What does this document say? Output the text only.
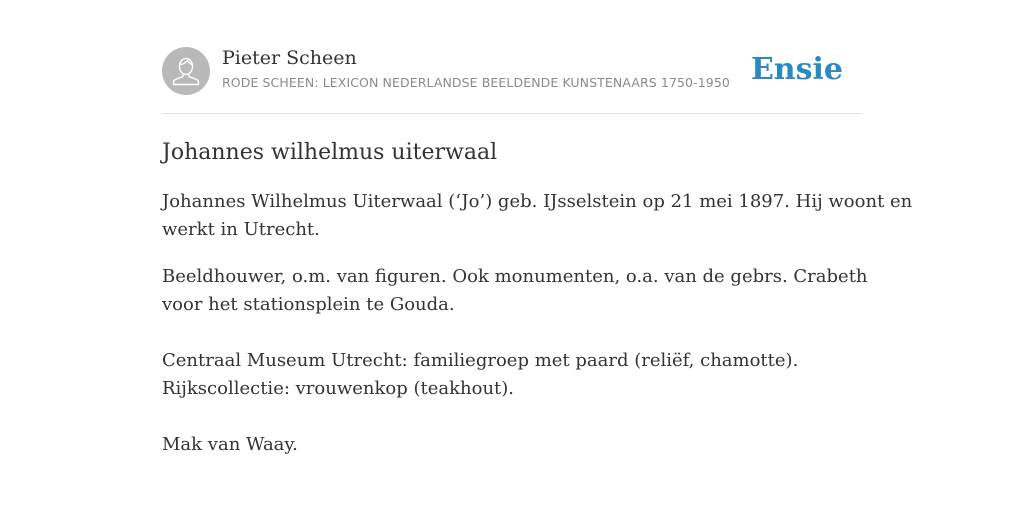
Pieter Scheen
RODE SCHEEN: LEXICON NEDERLANDSE BEELDENDE KUNSTENAARS 1750-1950 Ensie
Johannes wilhelmus uiterwaal
Johannes Wilhelmus Uiterwaal (‘Jo’) geb. IJsselstein op 21 mei 1897. Hij woont en
werkt in Utrecht.
Beeldhouwer, o.m. van figuren. Ook monumenten, o.a. van de gebrs. Crabeth
voor het stationsplein te Gouda.
Centraal Museum Utrecht: familiegroep met paard (reliëf, chamotte).
Rijkscollectie: vrouwenkop (teakhout).
Mak van Waay.
